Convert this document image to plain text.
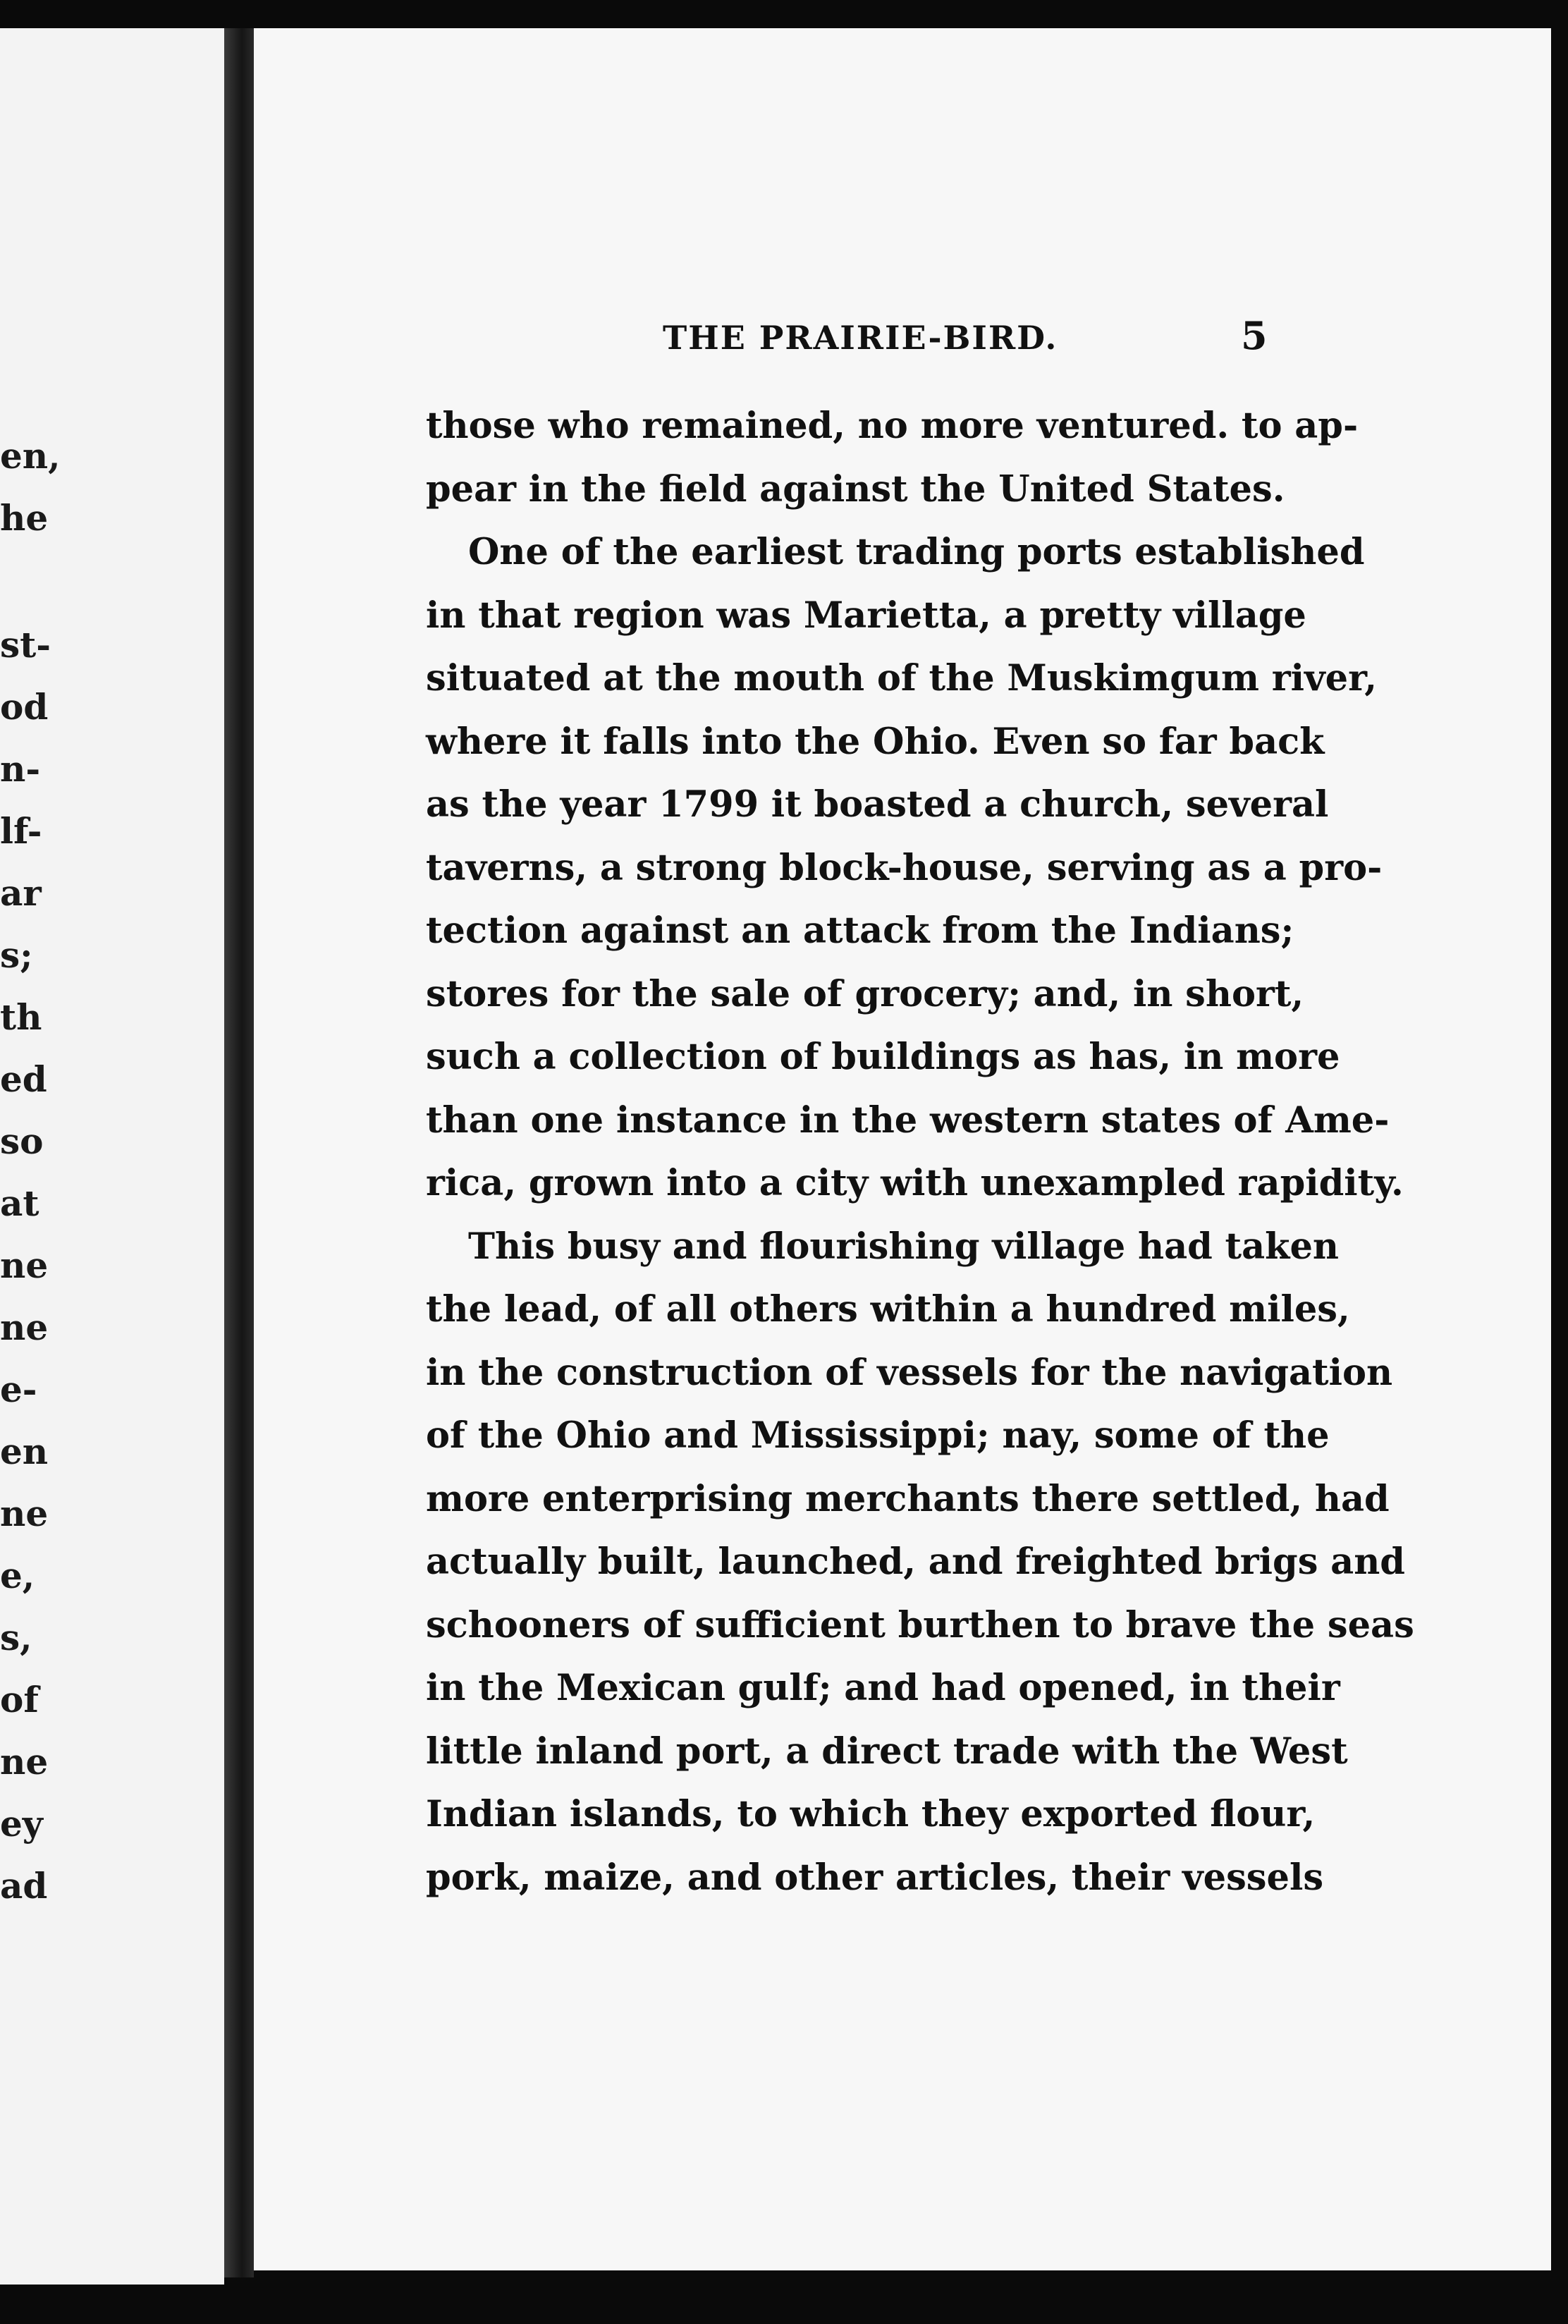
en,
he
st-
od
n-
lf-
ar
s;
th
ed
so
at
ne
ne
e-
en
ne
e,
s,
of
ne
ey
ad
THE PRAIRIE-BIRD.	5
those who remained, no more ventured. to ap-
pear in the field against the United States.
One of the earliest trading ports established
in that region was Marietta, a pretty village
situated at the mouth of the Muskimgum river,
where it falls into the Ohio. Even so far back
as the year 1799 it boasted a church, several
taverns, a strong block-house, serving as a pro-
tection against an attack from the Indians;
stores for the sale of grocery; and, in short,
such a collection of buildings as has, in more
than one instance in the western states of Ame-
rica, grown into a city with unexampled rapidity.
This busy and flourishing village had taken
the lead, of all others within a hundred miles,
in the construction of vessels for the navigation
of the Ohio and Mississippi; nay, some of the
more enterprising merchants there settled, had
actually built, launched, and freighted brigs and
schooners of sufficient burthen to brave the seas
in the Mexican gulf; and had opened, in their
little inland port, a direct trade with the West
Indian islands, to which they exported flour,
pork, maize, and other articles, their vessels
